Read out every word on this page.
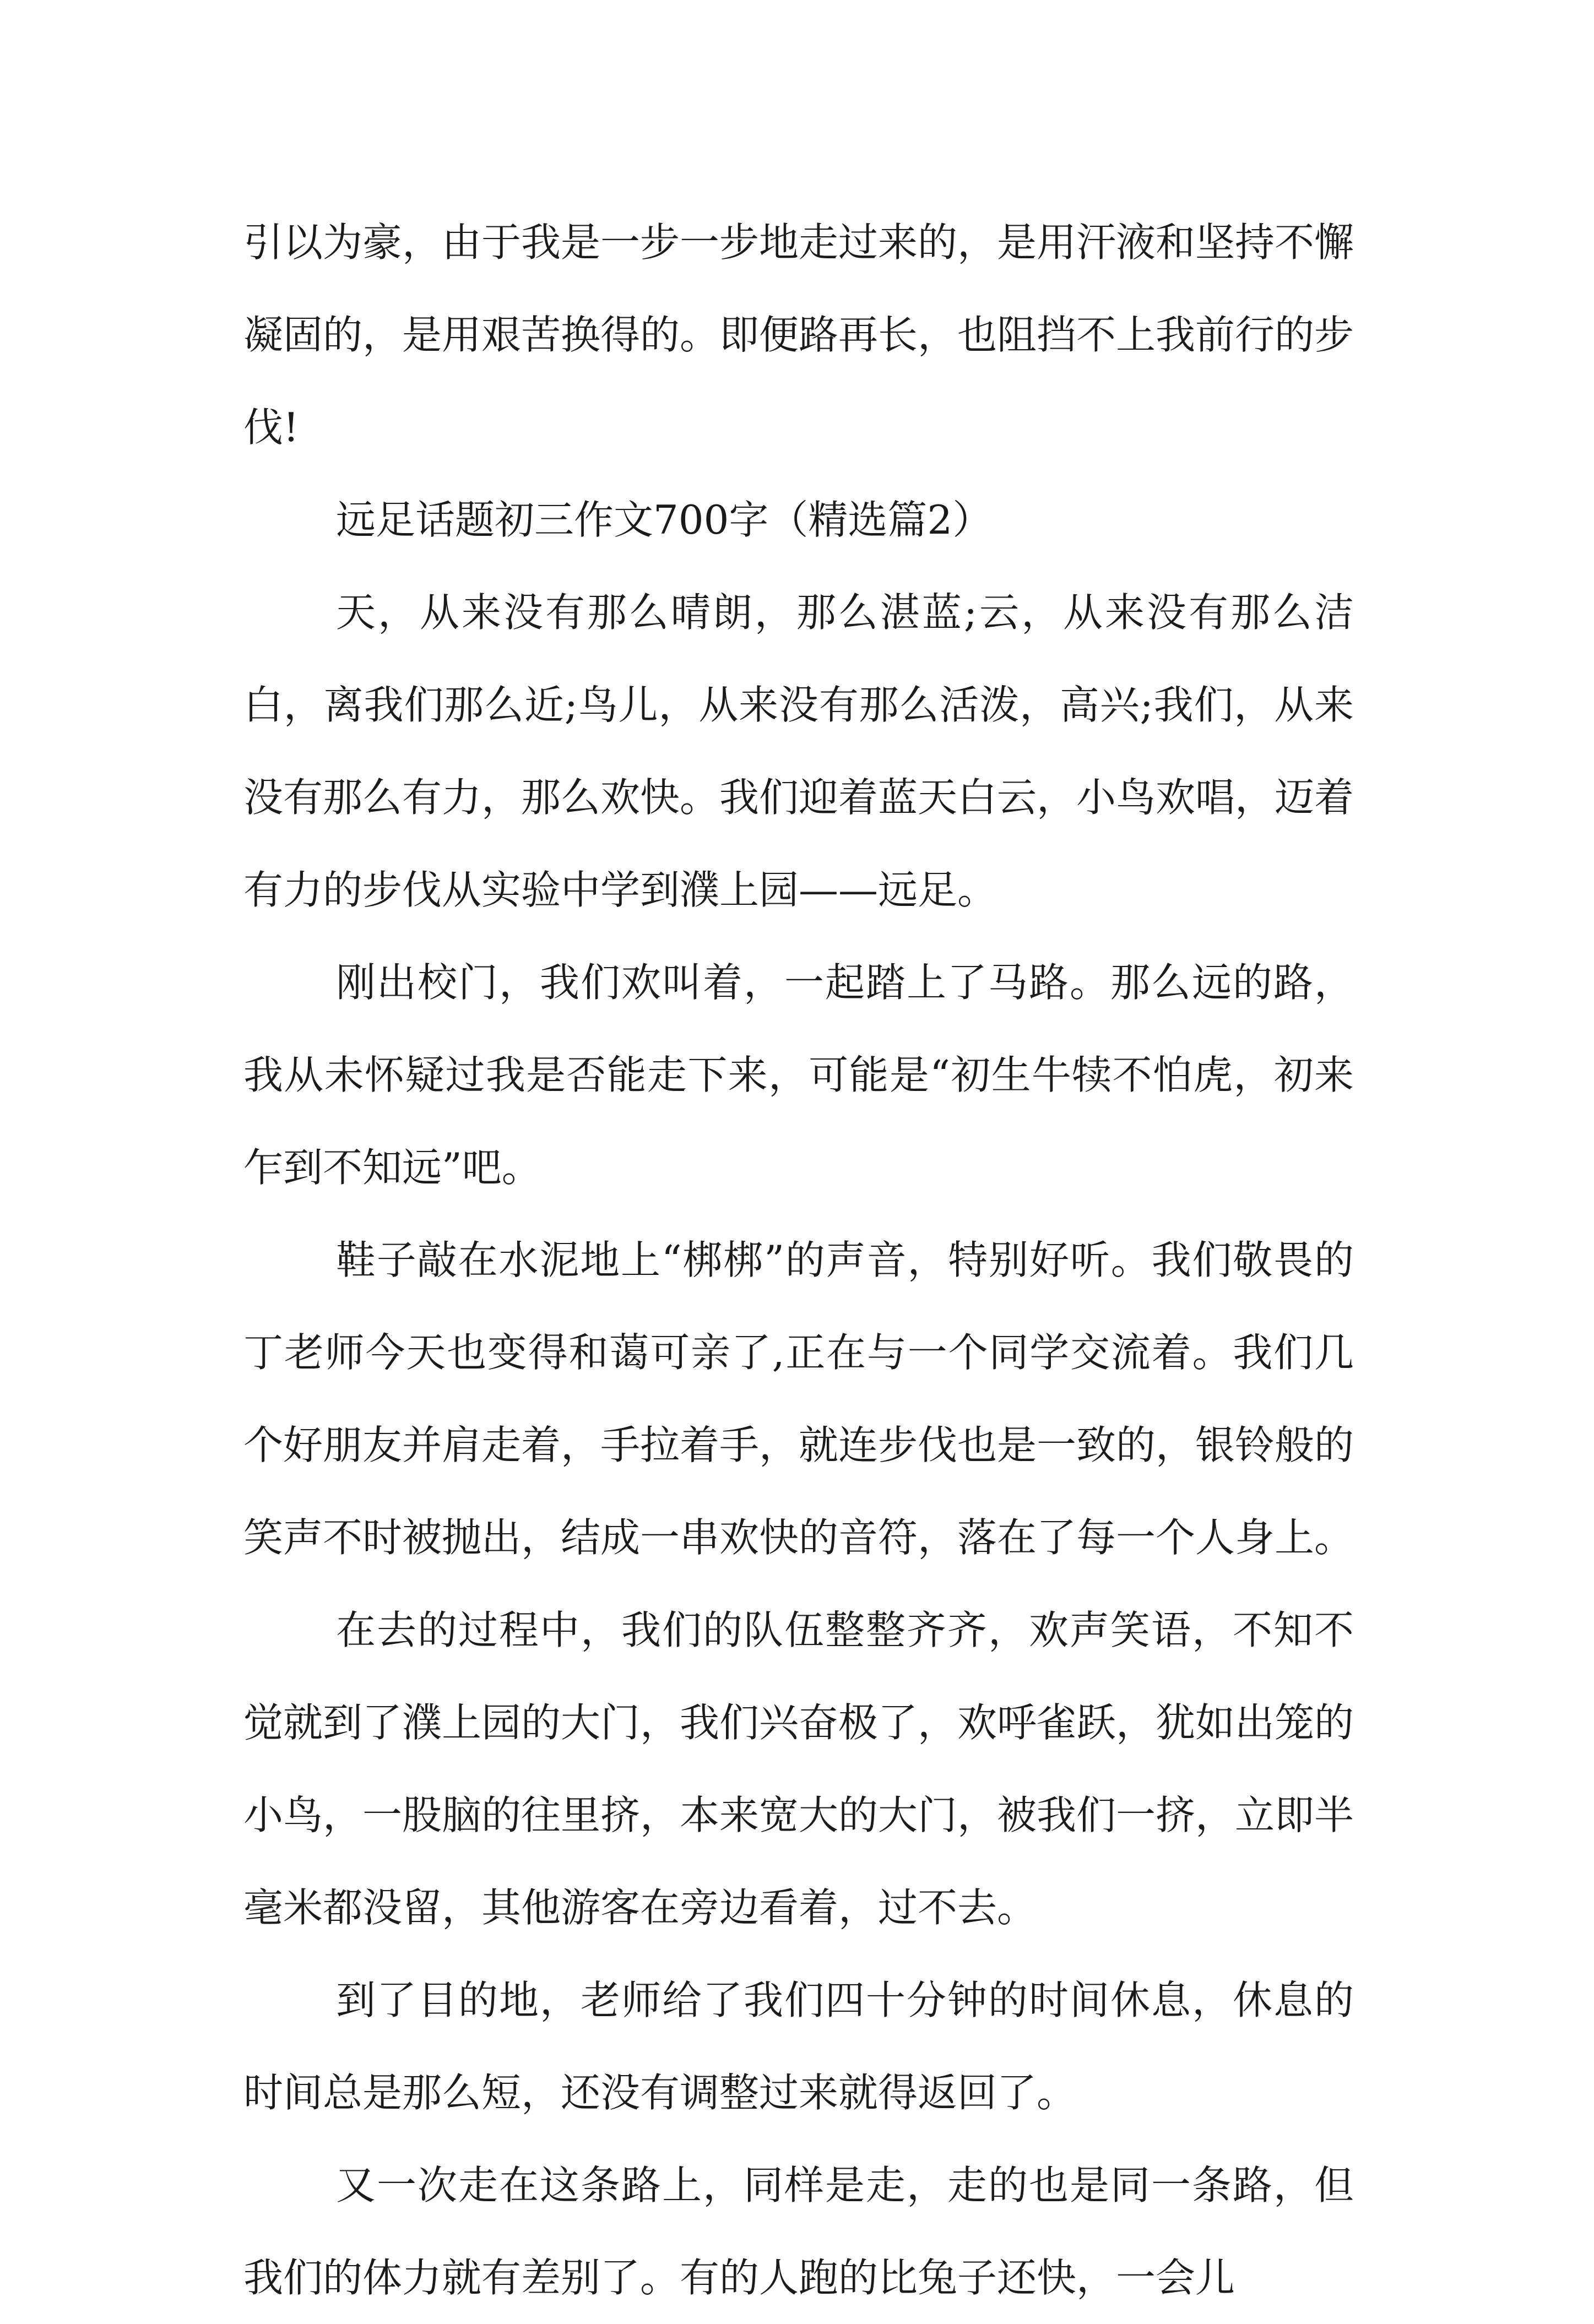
引以为豪，由于我是一步一步地走过来的，是用汗液和坚持不懈凝固的，是用艰苦换得的。即便路再长，也阻挡不上我前行的步伐!

远足话题初三作文700字（精选篇2）

天，从来没有那么晴朗，那么湛蓝;云，从来没有那么洁白，离我们那么近;鸟儿，从来没有那么活泼，高兴;我们，从来没有那么有力，那么欢快。我们迎着蓝天白云，小鸟欢唱，迈着有力的步伐从实验中学到濮上园——远足。

刚出校门，我们欢叫着，一起踏上了马路。那么远的路，我从未怀疑过我是否能走下来，可能是“初生牛犊不怕虎，初来乍到不知远”吧。

鞋子敲在水泥地上“梆梆”的声音，特别好听。我们敬畏的丁老师今天也变得和蔼可亲了,正在与一个同学交流着。我们几个好朋友并肩走着，手拉着手，就连步伐也是一致的，银铃般的笑声不时被抛出，结成一串欢快的音符，落在了每一个人身上。

在去的过程中，我们的队伍整整齐齐，欢声笑语，不知不觉就到了濮上园的大门，我们兴奋极了，欢呼雀跃，犹如出笼的小鸟，一股脑的往里挤，本来宽大的大门，被我们一挤，立即半毫米都没留，其他游客在旁边看着，过不去。

到了目的地，老师给了我们四十分钟的时间休息，休息的时间总是那么短，还没有调整过来就得返回了。

又一次走在这条路上，同样是走，走的也是同一条路，但我们的体力就有差别了。有的人跑的比兔子还快，一会儿
